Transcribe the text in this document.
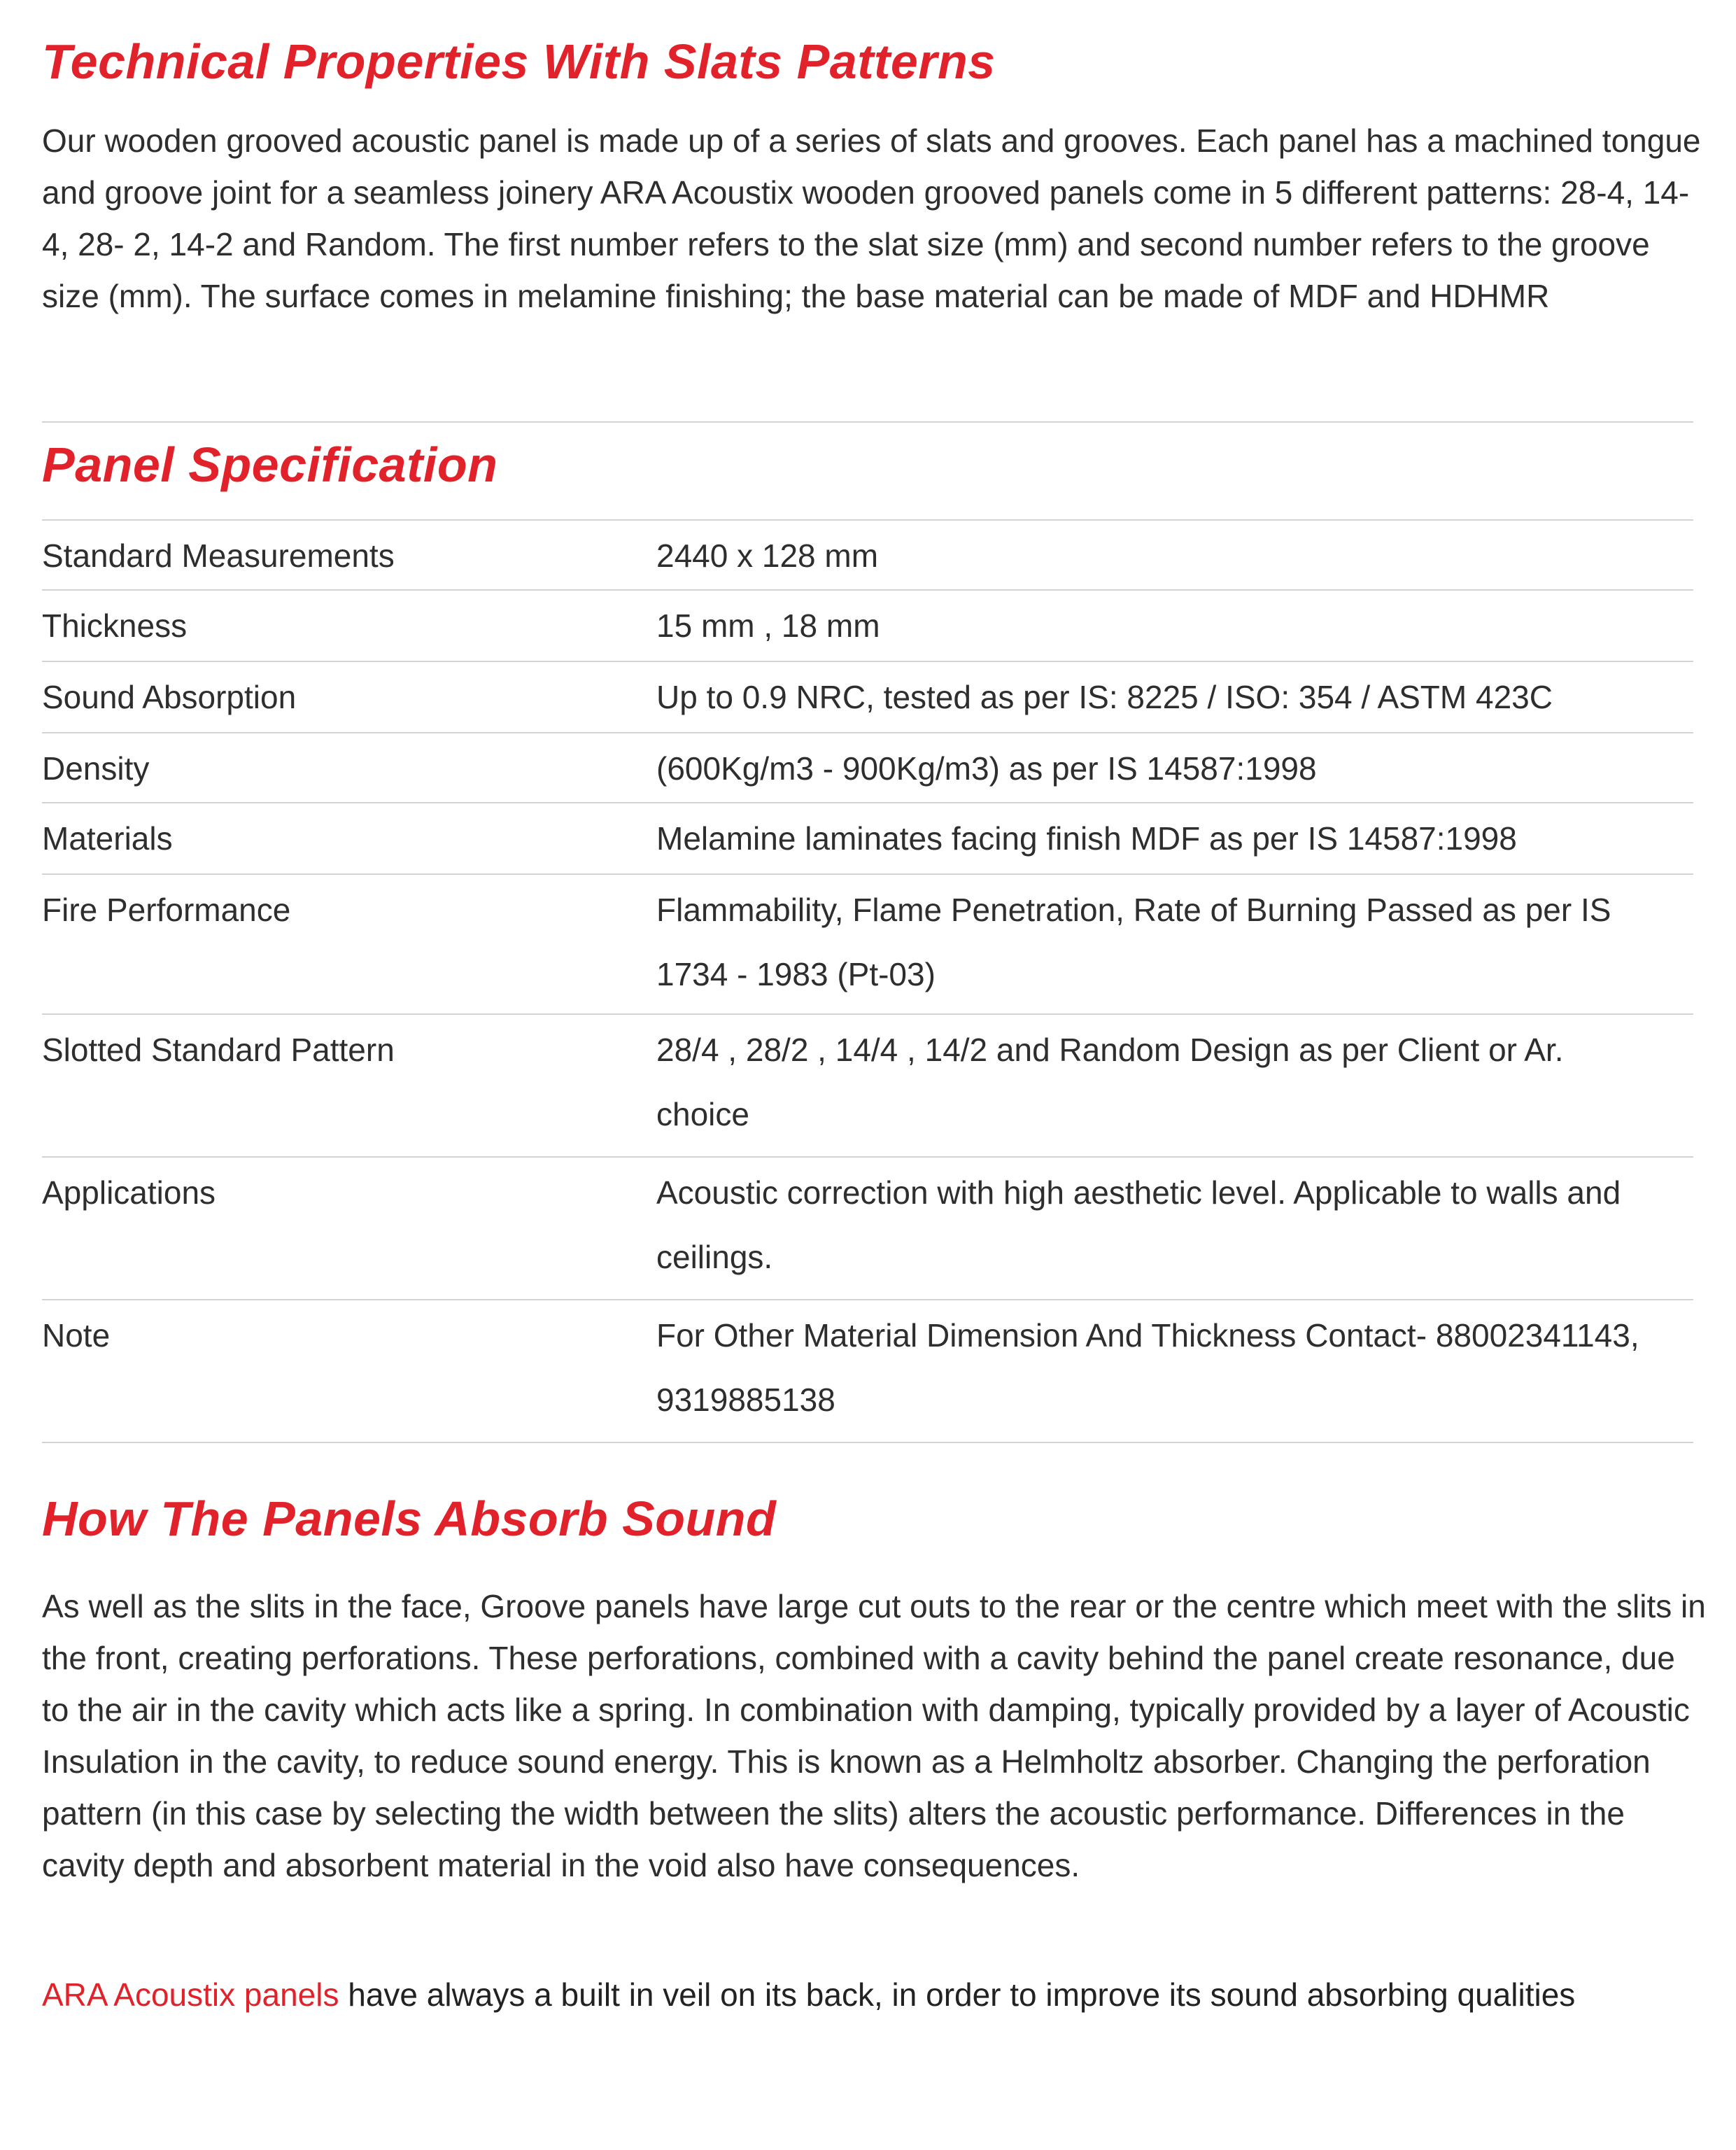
Technical Properties With Slats Patterns

Our wooden grooved acoustic panel is made up of a series of slats and grooves. Each panel has a machined tongue and groove joint for a seamless joinery ARA Acoustix wooden grooved panels come in 5 different patterns: 28-4, 14-4, 28- 2, 14-2 and Random. The first number refers to the slat size (mm) and second number refers to the groove size (mm). The surface comes in melamine finishing; the base material can be made of MDF and HDHMR

Panel Specification
Standard Measurements	2440 x 128 mm
Thickness	15 mm , 18 mm
Sound Absorption	Up to 0.9 NRC, tested as per IS: 8225 / ISO: 354 / ASTM 423C
Density	(600Kg/m3 - 900Kg/m3) as per IS 14587:1998
Materials	Melamine laminates facing finish MDF as per IS 14587:1998
Fire Performance	Flammability, Flame Penetration, Rate of Burning Passed as per IS 1734 - 1983 (Pt-03)
Slotted Standard Pattern	28/4 , 28/2 , 14/4 , 14/2 and Random Design as per Client or Ar. choice
Applications	Acoustic correction with high aesthetic level. Applicable to walls and ceilings.
Note	For Other Material Dimension And Thickness Contact- 88002341143, 9319885138
How The Panels Absorb Sound

As well as the slits in the face, Groove panels have large cut outs to the rear or the centre which meet with the slits in the front, creating perforations. These perforations, combined with a cavity behind the panel create resonance, due to the air in the cavity which acts like a spring. In combination with damping, typically provided by a layer of Acoustic Insulation in the cavity, to reduce sound energy. This is known as a Helmholtz absorber. Changing the perforation pattern (in this case by selecting the width between the slits) alters the acoustic performance. Differences in the cavity depth and absorbent material in the void also have consequences.

ARA Acoustix panels have always a built in veil on its back, in order to improve its sound absorbing qualities
